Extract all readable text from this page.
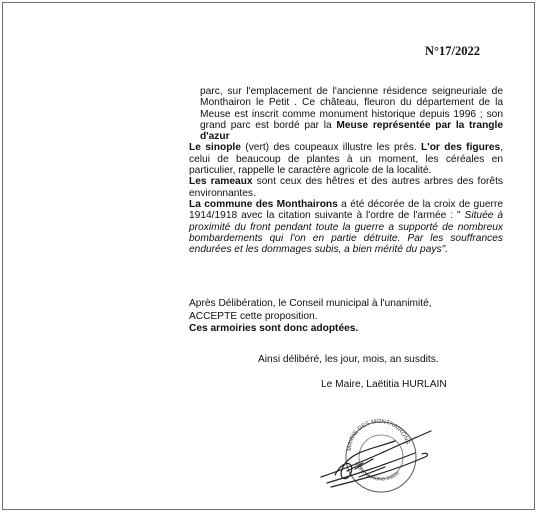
N°17/2022

parc, sur l'emplacement de l'ancienne résidence seigneuriale de Monthairon le Petit . Ce château, fleuron du département de la Meuse est inscrit comme monument historique depuis 1996 ; son grand parc est bordé par la Meuse représentée par la trangle d'azur

Le sinople (vert) des coupeaux illustre les prés. L'or des figures, celui de beaucoup de plantes à un moment, les céréales en particulier, rappelle le caractère agricole de la localité.

Les rameaux sont ceux des hêtres et des autres arbres des forêts environnantes.

La commune des Monthairons a été décorée de la croix de guerre 1914/1918 avec la citation suivante à l'ordre de l'armée : " Située à proximité du front pendant toute la guerre a supporté de nombreux bombardements qui l'on en partie détruite. Par les souffrances endurées et les dommages subis, a bien mérité du pays".

Après Délibération, le Conseil municipal à l'unanimité,

ACCEPTE cette proposition.

Ces armoiries sont donc adoptées.

Ainsi délibéré, les jour, mois, an susdits.
Le Maire, Laëtitia HURLAIN
MAIRIE DES MONTHAIRONS
MONTHAIRONS 55320
